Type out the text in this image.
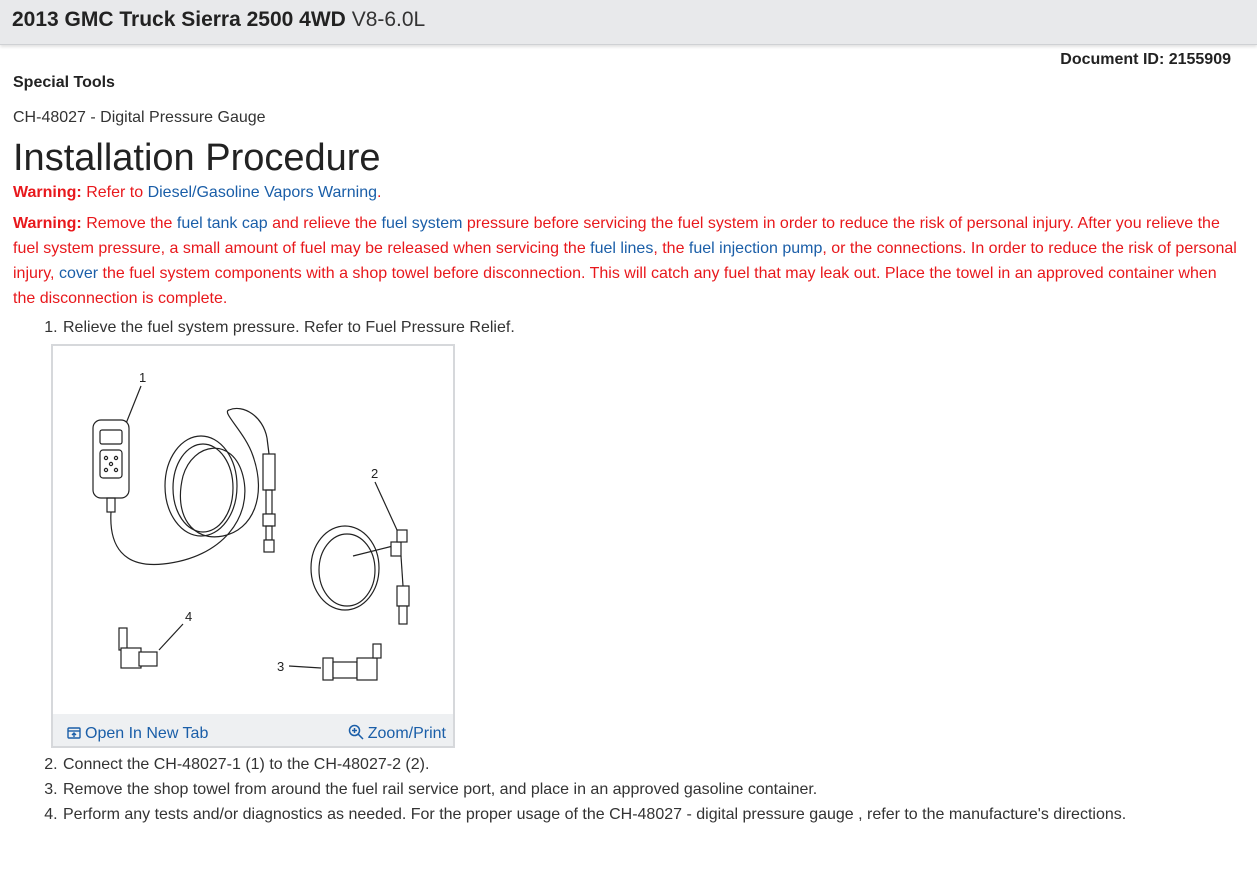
2013 GMC Truck Sierra 2500 4WD V8-6.0L
Document ID: 2155909
Special Tools
CH-48027 - Digital Pressure Gauge
Installation Procedure
Warning: Refer to Diesel/Gasoline Vapors Warning.
Warning: Remove the fuel tank cap and relieve the fuel system pressure before servicing the fuel system in order to reduce the risk of personal injury. After you relieve the fuel system pressure, a small amount of fuel may be released when servicing the fuel lines, the fuel injection pump, or the connections. In order to reduce the risk of personal injury, cover the fuel system components with a shop towel before disconnection. This will catch any fuel that may leak out. Place the towel in an approved container when the disconnection is complete.
1. Relieve the fuel system pressure. Refer to Fuel Pressure Relief.
1
2
3
4
Open In New Tab	Zoom/Print
2. Connect the CH-48027-1 (1) to the CH-48027-2 (2).
3. Remove the shop towel from around the fuel rail service port, and place in an approved gasoline container.
4. Perform any tests and/or diagnostics as needed. For the proper usage of the CH-48027 - digital pressure gauge , refer to the manufacture's directions.
